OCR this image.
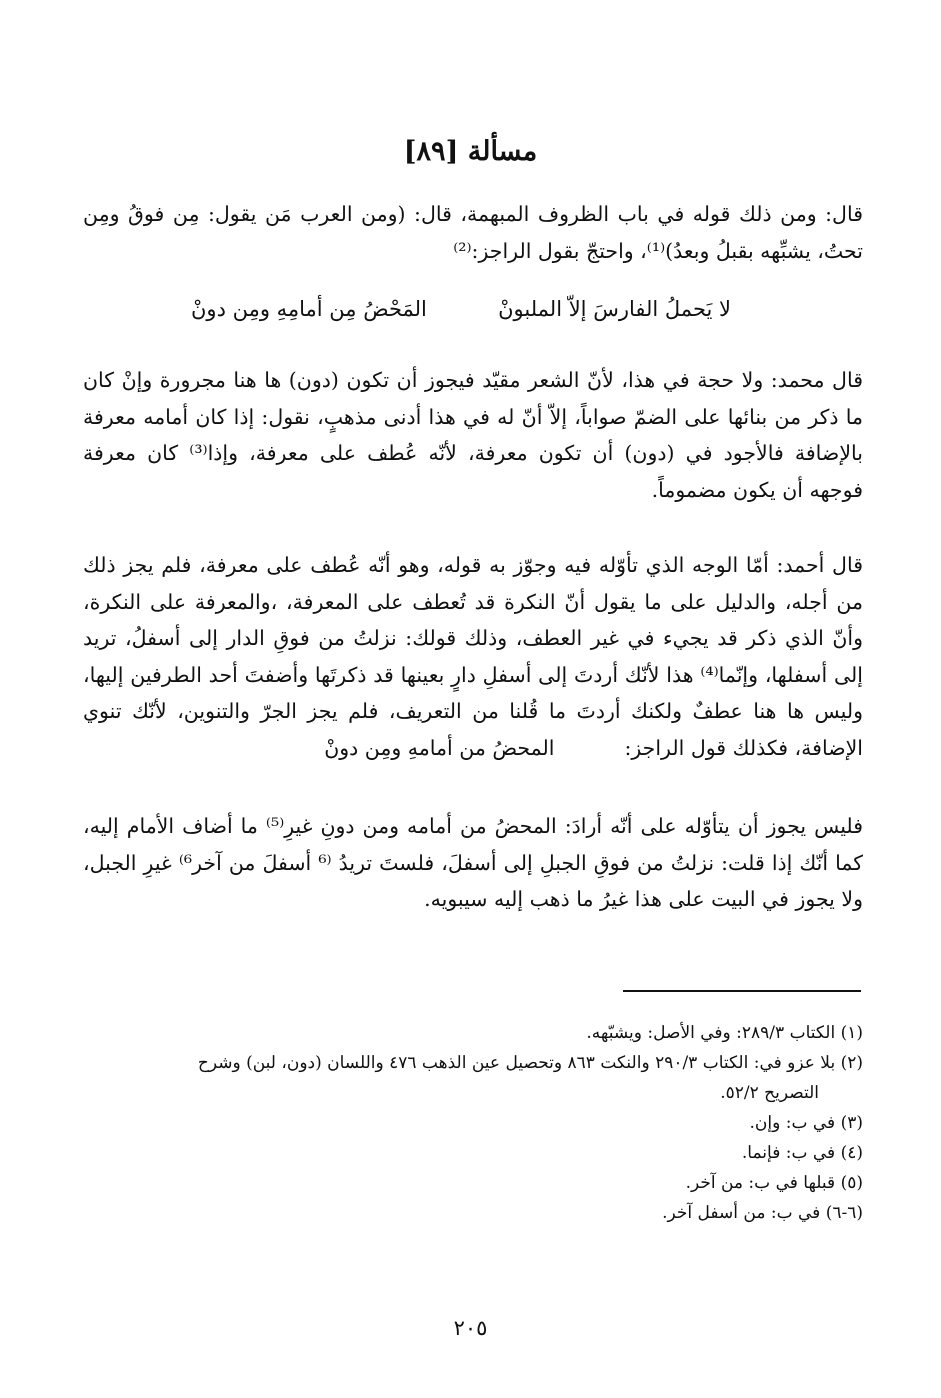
مسألة [٨٩]

قال: ومن ذلك قوله في باب الظروف المبهمة، قال: (ومن العرب مَن يقول: مِن فوقُ ومِن تحتُ، يشبِّهه بقبلُ وبعدُ)⁽¹⁾، واحتجّ بقول الراجز:⁽²⁾

لا يَحملُ الفارسَ إلاّ الملبونْ
المَحْضُ مِن أمامِهِ ومِن دونْ

قال محمد: ولا حجة في هذا، لأنّ الشعر مقيّد فيجوز أن تكون (دون) ها هنا مجرورة وإنْ كان ما ذكر من بنائها على الضمّ صواباً، إلاّ أنّ له في هذا أدنى مذهبٍ، نقول: إذا كان أمامه معرفة بالإضافة فالأجود في (دون) أن تكون معرفة، لأنّه عُطف على معرفة، وإذا⁽³⁾ كان معرفة فوجهه أن يكون مضموماً.

قال أحمد: أمّا الوجه الذي تأوّله فيه وجوّز به قوله، وهو أنّه عُطف على معرفة، فلم يجز ذلك من أجله، والدليل على ما يقول أنّ النكرة قد تُعطف على المعرفة، ،والمعرفة على النكرة، وأنّ الذي ذكر قد يجيء في غير العطف، وذلك قولك: نزلتُ من فوقِ الدار إلى أسفلُ، تريد إلى أسفلها، وإنّما⁽⁴⁾ هذا لأنّك أردتَ إلى أسفلِ دارٍ بعينها قد ذكرتَها وأضفتَ أحد الطرفين إليها، وليس ها هنا عطفٌ ولكنك أردتَ ما قُلنا من التعريف، فلم يجز الجرّ والتنوين، لأنّك تنوي الإضافة، فكذلك قول الراجز:المحضُ من أمامهِ ومِن دونْ

فليس يجوز أن يتأوّله على أنّه أرادَ: المحضُ من أمامه ومن دونِ غيرِ⁽⁵⁾ ما أضاف الأمام إليه، كما أنّك إذا قلت: نزلتُ من فوقِ الجبلِ إلى أسفلَ، فلستَ تريدُ ⁽⁶ أسفلَ من آخر⁶⁾ غيرِ الجبل، ولا يجوز في البيت على هذا غيرُ ما ذهب إليه سيبويه.

(١) الكتاب ٢٨٩/٣: وفي الأصل: ويشبّهه.
(٢) بلا عزو في: الكتاب ٢٩٠/٣ والنكت ٨٦٣ وتحصيل عين الذهب ٤٧٦ واللسان (دون، لبن) وشرح
التصريح ٥٢/٢.
(٣) في ب: وإن.
(٤) في ب: فإنما.
(٥) قبلها في ب: من آخر.
(٦-٦) في ب: من أسفل آخر.
٢٠٥
